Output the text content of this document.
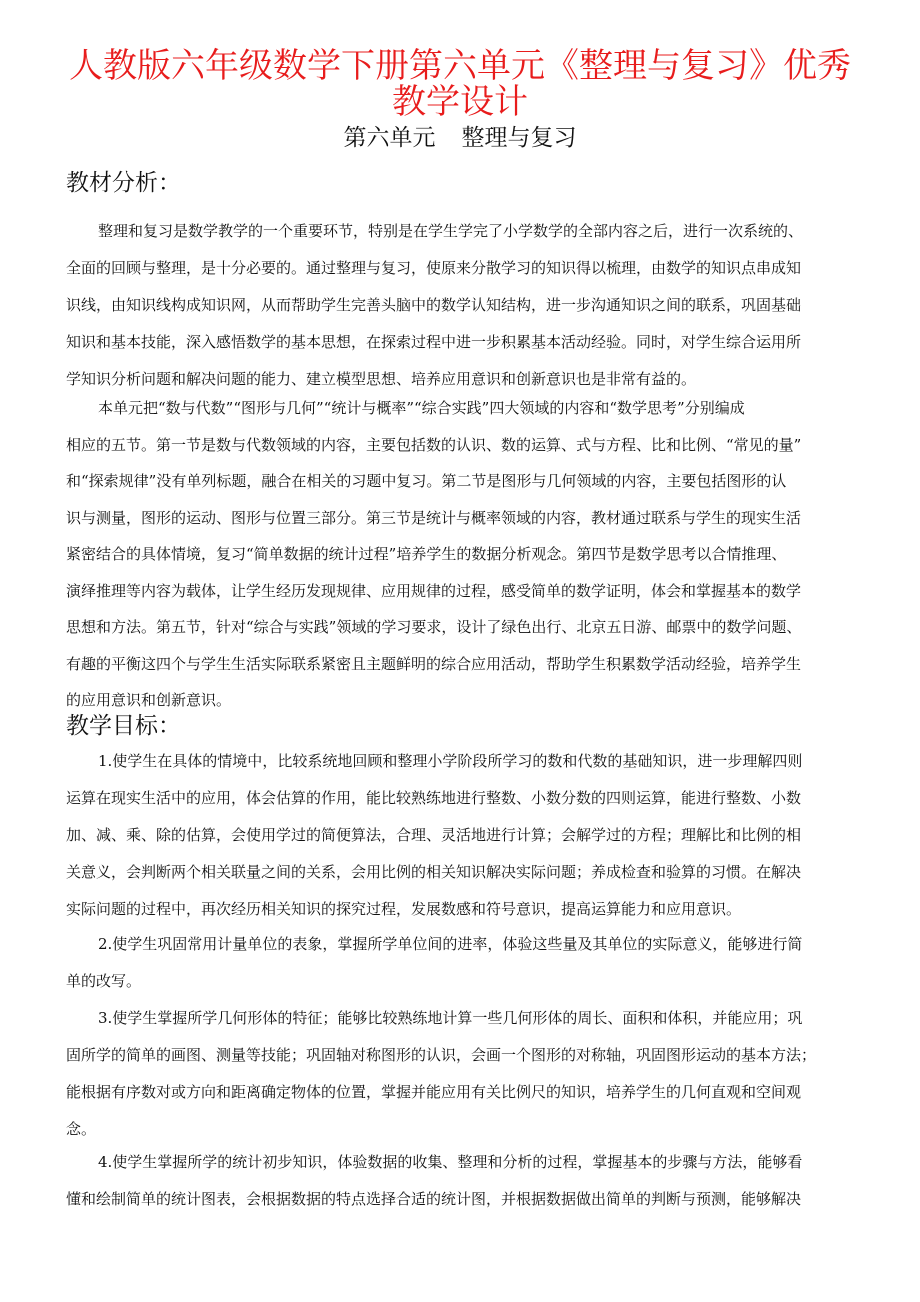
人教版六年级数学下册第六单元《整理与复习》优秀
教学设计
第六单元 整理与复习
教材分析：
整理和复习是数学教学的一个重要环节，特别是在学生学完了小学数学的全部内容之后，进行一次系统的、
全面的回顾与整理，是十分必要的。通过整理与复习，使原来分散学习的知识得以梳理，由数学的知识点串成知
识线，由知识线构成知识网，从而帮助学生完善头脑中的数学认知结构，进一步沟通知识之间的联系，巩固基础
知识和基本技能，深入感悟数学的基本思想，在探索过程中进一步积累基本活动经验。同时，对学生综合运用所
学知识分析问题和解决问题的能力、建立模型思想、培养应用意识和创新意识也是非常有益的。
本单元把“数与代数”“图形与几何”“统计与概率”“综合实践”四大领域的内容和“数学思考”分别编成
相应的五节。第一节是数与代数领域的内容，主要包括数的认识、数的运算、式与方程、比和比例、“常见的量”
和“探索规律”没有单列标题，融合在相关的习题中复习。第二节是图形与几何领域的内容，主要包括图形的认
识与测量，图形的运动、图形与位置三部分。第三节是统计与概率领域的内容，教材通过联系与学生的现实生活
紧密结合的具体情境，复习“简单数据的统计过程”培养学生的数据分析观念。第四节是数学思考以合情推理、
演绎推理等内容为载体，让学生经历发现规律、应用规律的过程，感受简单的数学证明，体会和掌握基本的数学
思想和方法。第五节，针对“综合与实践”领域的学习要求，设计了绿色出行、北京五日游、邮票中的数学问题、
有趣的平衡这四个与学生生活实际联系紧密且主题鲜明的综合应用活动，帮助学生积累数学活动经验，培养学生
的应用意识和创新意识。
教学目标：
1.使学生在具体的情境中，比较系统地回顾和整理小学阶段所学习的数和代数的基础知识，进一步理解四则
运算在现实生活中的应用，体会估算的作用，能比较熟练地进行整数、小数分数的四则运算，能进行整数、小数
加、减、乘、除的估算，会使用学过的简便算法，合理、灵活地进行计算；会解学过的方程；理解比和比例的相
关意义，会判断两个相关联量之间的关系，会用比例的相关知识解决实际问题；养成检查和验算的习惯。在解决
实际问题的过程中，再次经历相关知识的探究过程，发展数感和符号意识，提高运算能力和应用意识。
2.使学生巩固常用计量单位的表象，掌握所学单位间的进率，体验这些量及其单位的实际意义，能够进行简
单的改写。
3.使学生掌握所学几何形体的特征；能够比较熟练地计算一些几何形体的周长、面积和体积，并能应用；巩
固所学的简单的画图、测量等技能；巩固轴对称图形的认识，会画一个图形的对称轴，巩固图形运动的基本方法；
能根据有序数对或方向和距离确定物体的位置，掌握并能应用有关比例尺的知识，培养学生的几何直观和空间观
念。
4.使学生掌握所学的统计初步知识，体验数据的收集、整理和分析的过程，掌握基本的步骤与方法，能够看
懂和绘制简单的统计图表，会根据数据的特点选择合适的统计图，并根据数据做出简单的判断与预测，能够解决
